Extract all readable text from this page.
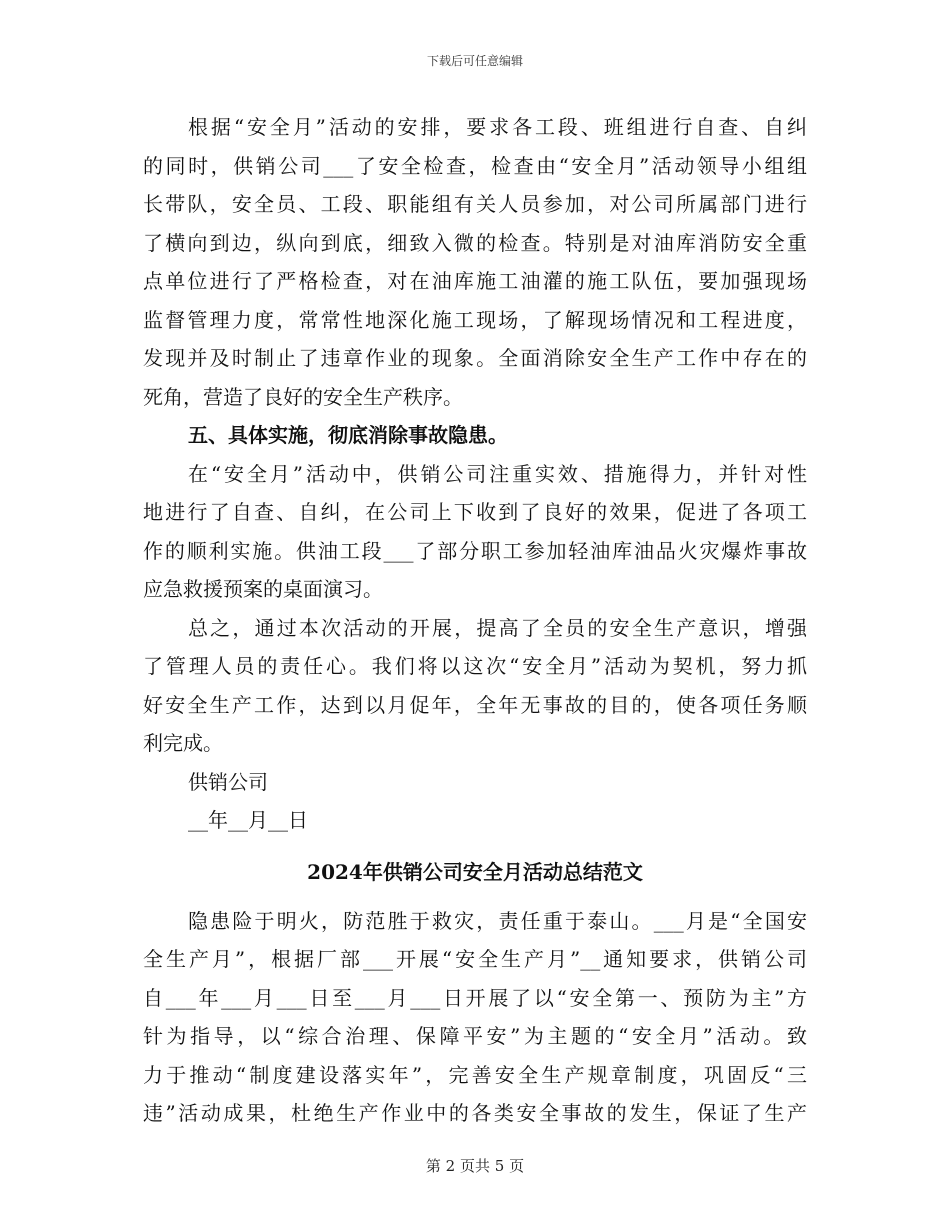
下载后可任意编辑
根据“安全月”活动的安排，要求各工段、班组进行自查、自纠
的同时，供销公司___了安全检查，检查由“安全月”活动领导小组组
长带队，安全员、工段、职能组有关人员参加，对公司所属部门进行
了横向到边，纵向到底，细致入微的检查。特别是对油库消防安全重
点单位进行了严格检查，对在油库施工油灌的施工队伍，要加强现场
监督管理力度，常常性地深化施工现场，了解现场情况和工程进度，
发现并及时制止了违章作业的现象。全面消除安全生产工作中存在的
死角，营造了良好的安全生产秩序。
五、具体实施，彻底消除事故隐患。
在“安全月”活动中，供销公司注重实效、措施得力，并针对性
地进行了自查、自纠，在公司上下收到了良好的效果，促进了各项工
作的顺利实施。供油工段___了部分职工参加轻油库油品火灾爆炸事故
应急救援预案的桌面演习。
总之，通过本次活动的开展，提高了全员的安全生产意识，增强
了管理人员的责任心。我们将以这次“安全月”活动为契机，努力抓
好安全生产工作，达到以月促年，全年无事故的目的，使各项任务顺
利完成。
供销公司
__年__月__日
2024年供销公司安全月活动总结范文
隐患险于明火，防范胜于救灾，责任重于泰山。___月是“全国安
全生产月”，根据厂部___开展“安全生产月”__通知要求，供销公司
自___年___月___日至___月___日开展了以“安全第一、预防为主”方
针为指导，以“综合治理、保障平安”为主题的“安全月”活动。致
力于推动“制度建设落实年”，完善安全生产规章制度，巩固反“三
违”活动成果，杜绝生产作业中的各类安全事故的发生，保证了生产
第 2 页共 5 页
